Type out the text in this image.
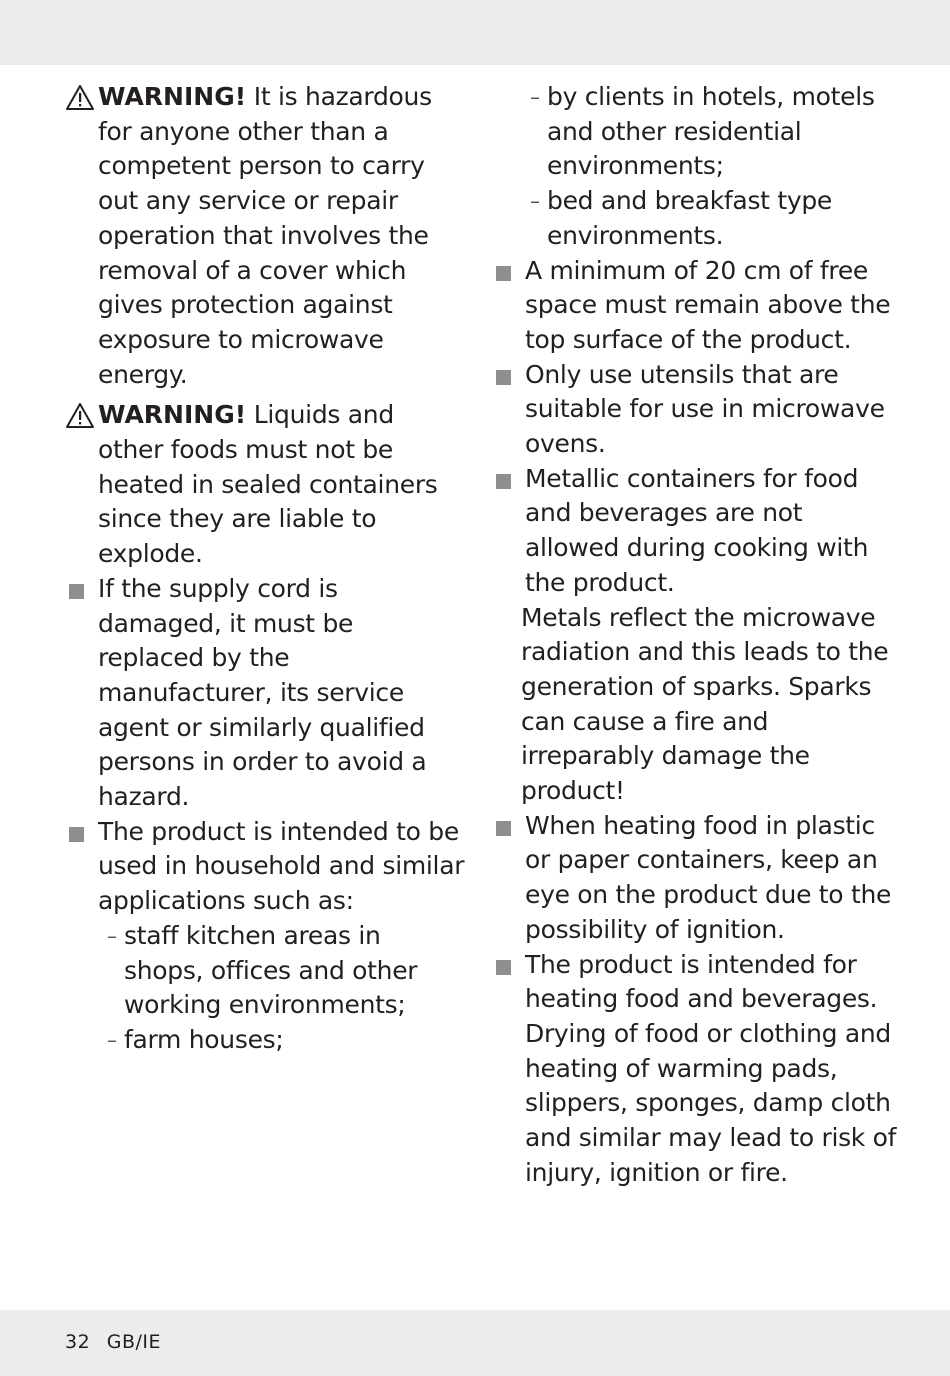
WARNING! It is hazardous for anyone other than a competent person to carry out any service or repair operation that involves the removal of a cover which gives protection against exposure to microwave energy.
WARNING! Liquids and other foods must not be heated in sealed containers since they are liable to explode.
If the supply cord is damaged, it must be replaced by the manufacturer, its service agent or similarly qualified persons in order to avoid a hazard.
The product is intended to be used in household and similar applications such as:
– staff kitchen areas in shops, offices and other working environments;
– farm houses;
– by clients in hotels, motels and other residential environments;
– bed and breakfast type environments.
A minimum of 20 cm of free space must remain above the top surface of the product.
Only use utensils that are suitable for use in microwave ovens.
Metallic containers for food and beverages are not allowed during cooking with the product.
Metals reflect the microwave radiation and this leads to the generation of sparks. Sparks can cause a fire and irreparably damage the product!
When heating food in plastic or paper containers, keep an eye on the product due to the possibility of ignition.
The product is intended for heating food and beverages. Drying of food or clothing and heating of warming pads, slippers, sponges, damp cloth and similar may lead to risk of injury, ignition or fire.
32 GB/IE
